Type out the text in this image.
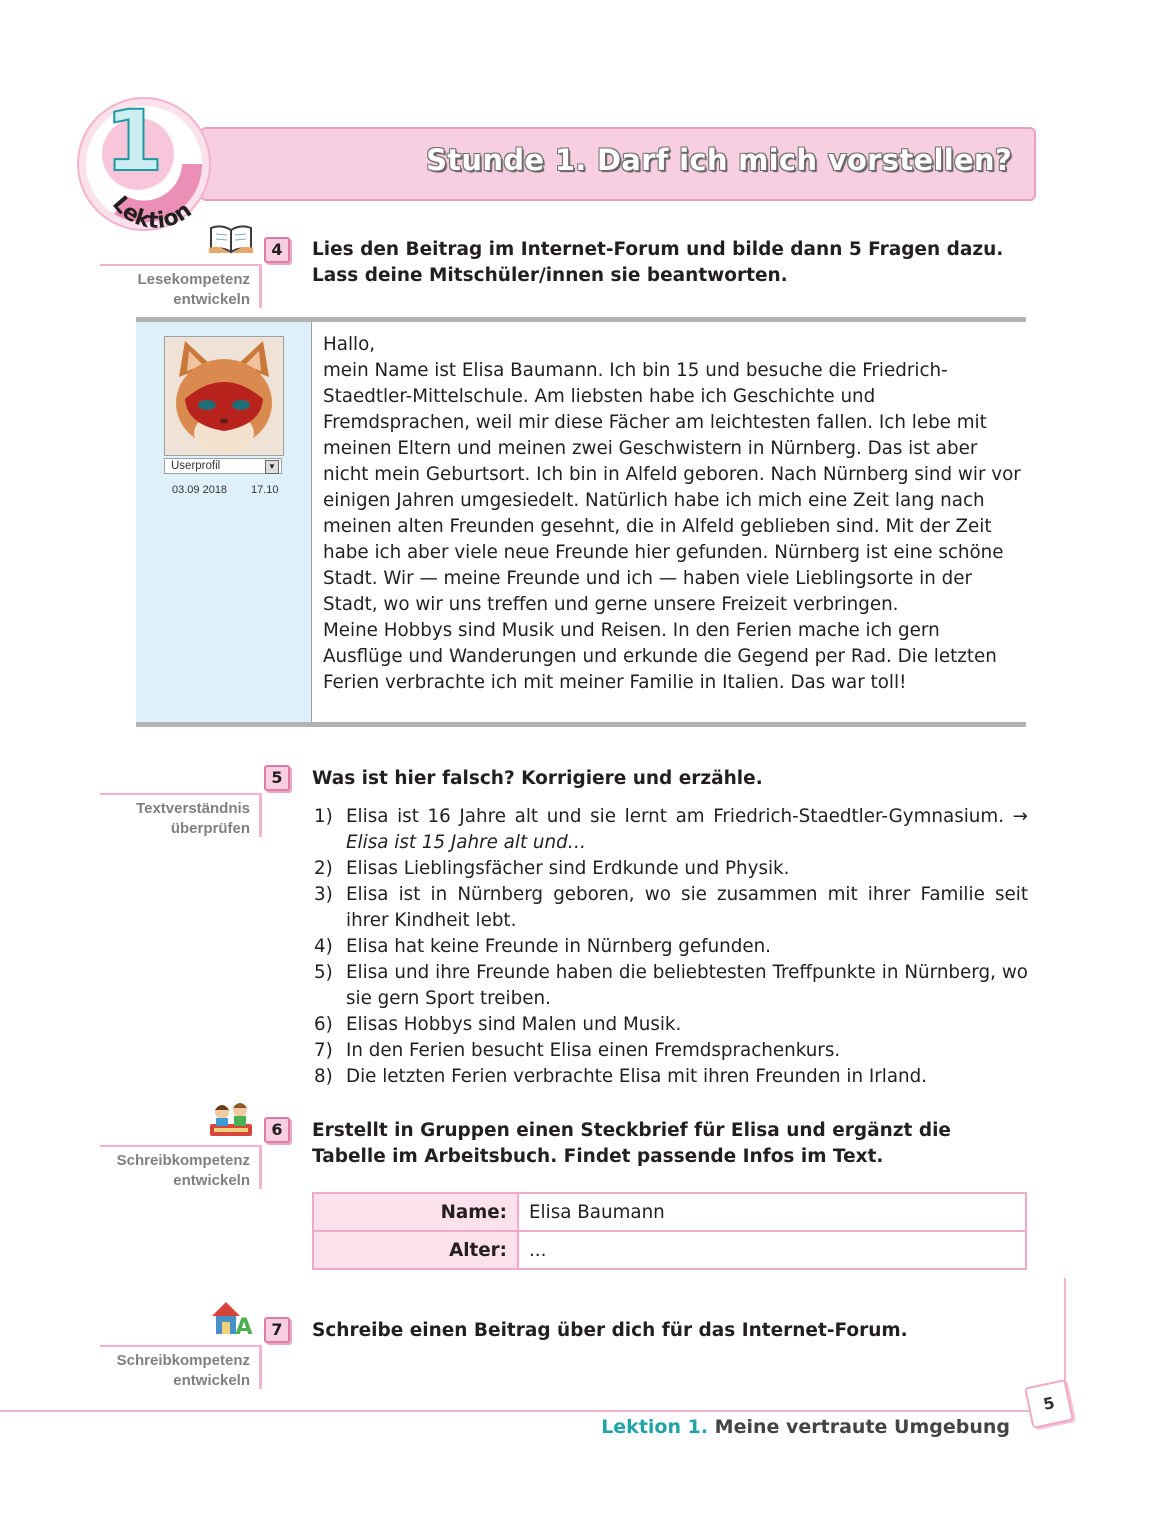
Stunde 1. Darf ich mich vorstellen?
1
Lektion
4
Lesekompetenz
entwickeln
Lies den Beitrag im Internet-Forum und bilde dann 5 Fragen dazu. Lass deine Mitschüler/innen sie beantworten.
Userprofil	▼
03.09 2018 17.10

Hallo,

mein Name ist Elisa Baumann. Ich bin 15 und besuche die Friedrich-Staedtler-Mittelschule. Am liebsten habe ich Geschichte und Fremdsprachen, weil mir diese Fächer am leichtesten fallen. Ich lebe mit meinen Eltern und meinen zwei Geschwistern in Nürnberg. Das ist aber nicht mein Geburtsort. Ich bin in Alfeld geboren. Nach Nürnberg sind wir vor einigen Jahren umgesiedelt. Natürlich habe ich mich eine Zeit lang nach meinen alten Freunden gesehnt, die in Alfeld geblieben sind. Mit der Zeit habe ich aber viele neue Freunde hier gefunden. Nürnberg ist eine schöne Stadt. Wir — meine Freunde und ich — haben viele Lieblingsorte in der Stadt, wo wir uns treffen und gerne unsere Freizeit verbringen.

Meine Hobbys sind Musik und Reisen. In den Ferien mache ich gern Ausflüge und Wanderungen und erkunde die Gegend per Rad. Die letzten Ferien verbrachte ich mit meiner Familie in Italien. Das war toll!

5
Textverständnis
überprüfen
Was ist hier falsch? Korrigiere und erzähle.
1) Elisa ist 16 Jahre alt und sie lernt am Friedrich-Staedtler-Gymnasium. → Elisa ist 15 Jahre alt und…
2) Elisas Lieblingsfächer sind Erdkunde und Physik.
3) Elisa ist in Nürnberg geboren, wo sie zusammen mit ihrer Familie seit ihrer Kindheit lebt.
4) Elisa hat keine Freunde in Nürnberg gefunden.
5) Elisa und ihre Freunde haben die beliebtesten Treffpunkte in Nürnberg, wo sie gern Sport treiben.
6) Elisas Hobbys sind Malen und Musik.
7) In den Ferien besucht Elisa einen Fremdsprachenkurs.
8) Die letzten Ferien verbrachte Elisa mit ihren Freunden in Irland.
6
Schreibkompetenz
entwickeln
Erstellt in Gruppen einen Steckbrief für Elisa und ergänzt die Tabelle im Arbeitsbuch. Findet passende Infos im Text.
Name:	Elisa Baumann
Alter:	...
A	7
Schreibkompetenz
entwickeln
Schreibe einen Beitrag über dich für das Internet-Forum.
5
Lektion 1. Meine vertraute Umgebung
